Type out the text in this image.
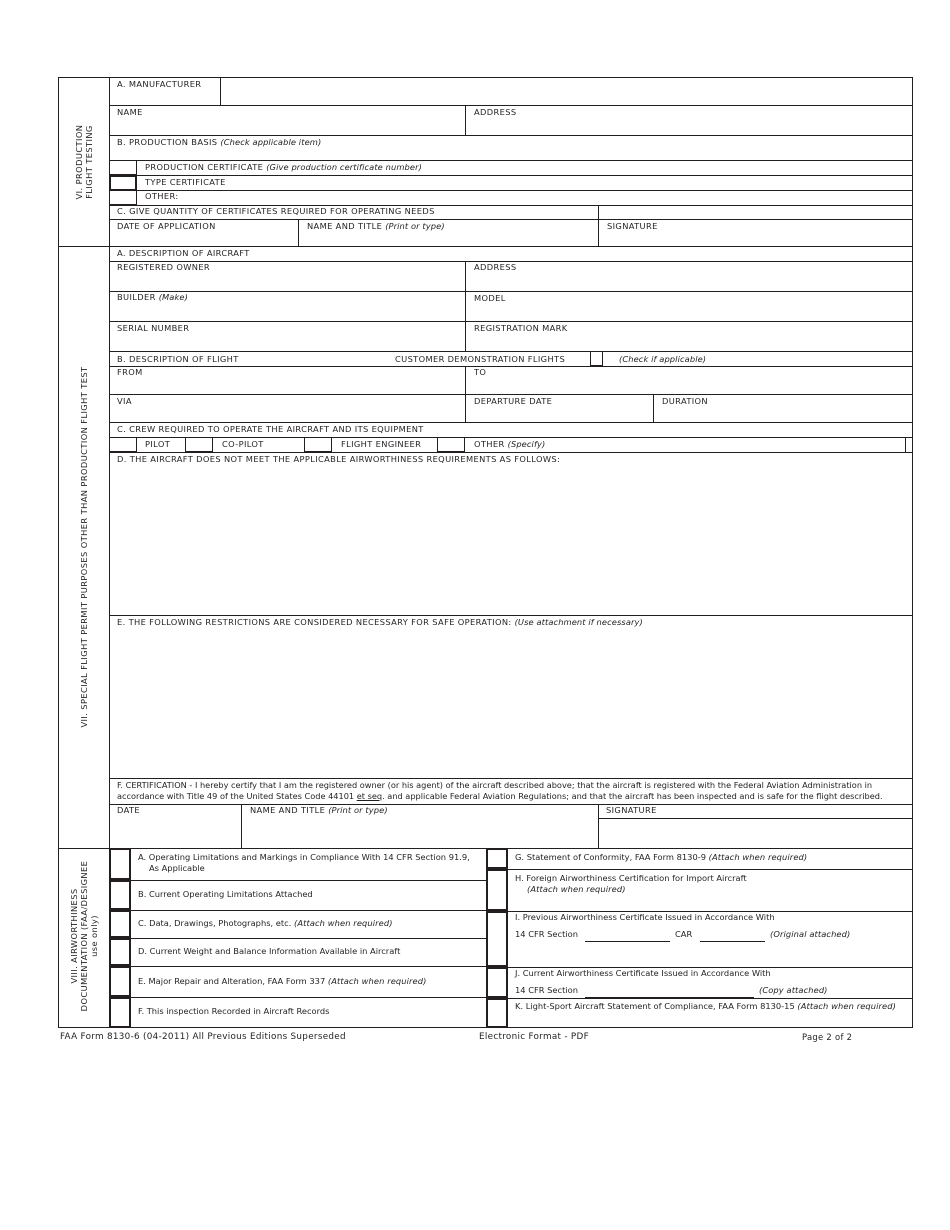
VI. PRODUCTION FLIGHT TESTING
A. MANUFACTURER
NAME	ADDRESS
B. PRODUCTION BASIS (Check applicable item)
PRODUCTION CERTIFICATE (Give production certificate number)
TYPE CERTIFICATE
OTHER:
C. GIVE QUANTITY OF CERTIFICATES REQUIRED FOR OPERATING NEEDS
DATE OF APPLICATION	NAME AND TITLE (Print or type)	SIGNATURE
VII. SPECIAL FLIGHT PERMIT PURPOSES OTHER THAN PRODUCTION FLIGHT TEST
A. DESCRIPTION OF AIRCRAFT
REGISTERED OWNER	ADDRESS
BUILDER (Make)	MODEL
SERIAL NUMBER	REGISTRATION MARK
B. DESCRIPTION OF FLIGHT	CUSTOMER DEMONSTRATION FLIGHTS	(Check if applicable)
FROM	TO
VIA	DEPARTURE DATE	DURATION
C. CREW REQUIRED TO OPERATE THE AIRCRAFT AND ITS EQUIPMENT
PILOT	CO-PILOT	FLIGHT ENGINEER	OTHER (Specify)
D. THE AIRCRAFT DOES NOT MEET THE APPLICABLE AIRWORTHINESS REQUIREMENTS AS FOLLOWS:
E. THE FOLLOWING RESTRICTIONS ARE CONSIDERED NECESSARY FOR SAFE OPERATION: (Use attachment if necessary)
F. CERTIFICATION - I hereby certify that I am the registered owner (or his agent) of the aircraft described above; that the aircraft is registered with the Federal Aviation Administration in
accordance with Title 49 of the United States Code 44101 et seq. and applicable Federal Aviation Regulations; and that the aircraft has been inspected and is safe for the flight described.
DATE	NAME AND TITLE (Print or type)	SIGNATURE
VIII. AIRWORTHINESS DOCUMENTATION (FAA/DESIGNEE use only)
A. Operating Limitations and Markings in Compliance With 14 CFR Section 91.9,
As Applicable
B. Current Operating Limitations Attached
C. Data, Drawings, Photographs, etc. (Attach when required)
D. Current Weight and Balance Information Available in Aircraft
E. Major Repair and Alteration, FAA Form 337 (Attach when required)
F. This inspection Recorded in Aircraft Records
G. Statement of Conformity, FAA Form 8130-9 (Attach when required)
H. Foreign Airworthiness Certification for Import Aircraft
(Attach when required)
I. Previous Airworthiness Certificate Issued in Accordance With
14 CFR Section	CAR	(Original attached)
J. Current Airworthiness Certificate Issued in Accordance With
14 CFR Section	(Copy attached)
K. Light-Sport Aircraft Statement of Compliance, FAA Form 8130-15 (Attach when required)
FAA Form 8130-6 (04-2011) All Previous Editions Superseded	Electronic Format - PDF	Page 2 of 2
